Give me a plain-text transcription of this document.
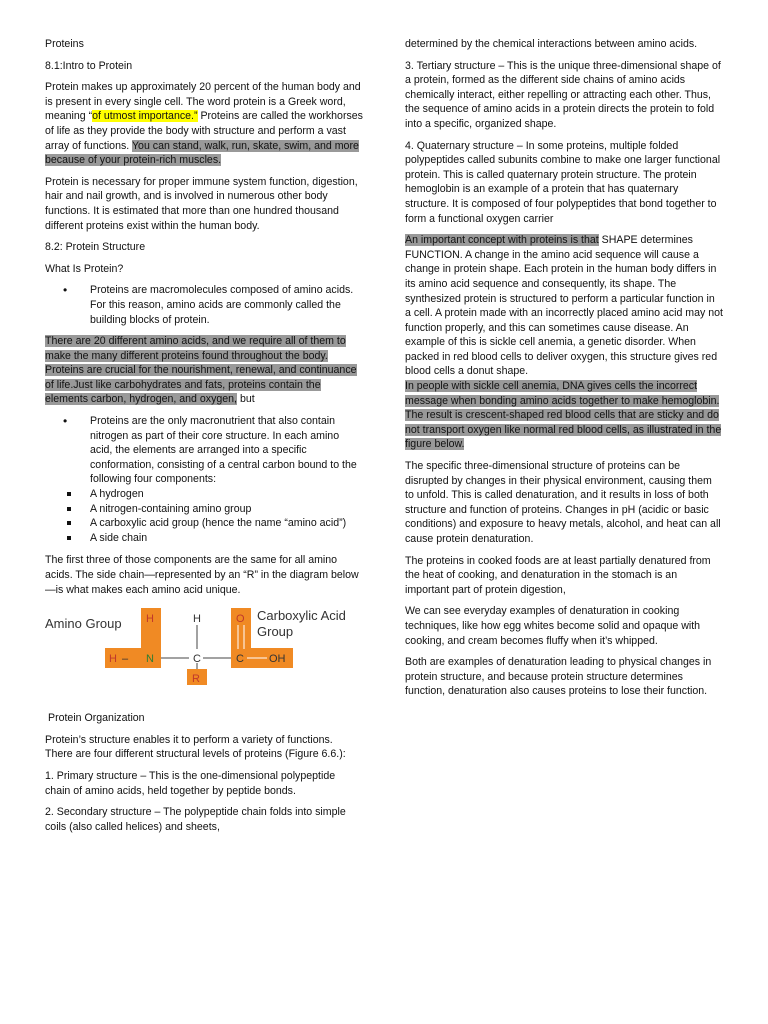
Proteins

8.1:Intro to Protein

Protein makes up approximately 20 percent of the human body and is present in every single cell. The word protein is a Greek word, meaning “of utmost importance.” Proteins are called the workhorses of life as they provide the body with structure and perform a vast array of functions. You can stand, walk, run, skate, swim, and more because of your protein-rich muscles.

Protein is necessary for proper immune system function, digestion, hair and nail growth, and is involved in numerous other body functions. It is estimated that more than one hundred thousand different proteins exist within the human body.

8.2: Protein Structure

What Is Protein?

• Proteins are macromolecules composed of amino acids. For this reason, amino acids are commonly called the building blocks of protein.

There are 20 different amino acids, and we require all of them to make the many different proteins found throughout the body. Proteins are crucial for the nourishment, renewal, and continuance of life.Just like carbohydrates and fats, proteins contain the elements carbon, hydrogen, and oxygen, but

• Proteins are the only macronutrient that also contain nitrogen as part of their core structure. In each amino acid, the elements are arranged into a specific conformation, consisting of a central carbon bound to the following four components:
A hydrogen
A nitrogen-containing amino group
A carboxylic acid group (hence the name “amino acid”)
A side chain

The first three of those components are the same for all amino acids. The side chain—represented by an “R” in the diagram below —is what makes each amino acid unique.

Amino Group
Carboxylic Acid
Group
H
H	N
H
C
R
O
C OH
–

Protein Organization

Protein’s structure enables it to perform a variety of functions. There are four different structural levels of proteins (Figure 6.6.):

1. Primary structure – This is the one-dimensional polypeptide chain of amino acids, held together by peptide bonds.

2. Secondary structure – The polypeptide chain folds into simple coils (also called helices) and sheets,

determined by the chemical interactions between amino acids.

3. Tertiary structure – This is the unique three-dimensional shape of a protein, formed as the different side chains of amino acids chemically interact, either repelling or attracting each other. Thus, the sequence of amino acids in a protein directs the protein to fold into a specific, organized shape.

4. Quaternary structure – In some proteins, multiple folded polypeptides called subunits combine to make one larger functional protein. This is called quaternary protein structure. The protein hemoglobin is an example of a protein that has quaternary structure. It is composed of four polypeptides that bond together to form a functional oxygen carrier

An important concept with proteins is that SHAPE determines FUNCTION. A change in the amino acid sequence will cause a change in protein shape. Each protein in the human body differs in its amino acid sequence and consequently, its shape. The synthesized protein is structured to perform a particular function in a cell. A protein made with an incorrectly placed amino acid may not function properly, and this can sometimes cause disease. An example of this is sickle cell anemia, a genetic disorder. When packed in red blood cells to deliver oxygen, this structure gives red blood cells a donut shape.
In people with sickle cell anemia, DNA gives cells the incorrect message when bonding amino acids together to make hemoglobin. The result is crescent-shaped red blood cells that are sticky and do not transport oxygen like normal red blood cells, as illustrated in the figure below.

The specific three-dimensional structure of proteins can be disrupted by changes in their physical environment, causing them to unfold. This is called denaturation, and it results in loss of both structure and function of proteins. Changes in pH (acidic or basic conditions) and exposure to heavy metals, alcohol, and heat can all cause protein denaturation.

The proteins in cooked foods are at least partially denatured from the heat of cooking, and denaturation in the stomach is an important part of protein digestion,

We can see everyday examples of denaturation in cooking techniques, like how egg whites become solid and opaque with cooking, and cream becomes fluffy when it’s whipped.

Both are examples of denaturation leading to physical changes in protein structure, and because protein structure determines function, denaturation also causes proteins to lose their function.
